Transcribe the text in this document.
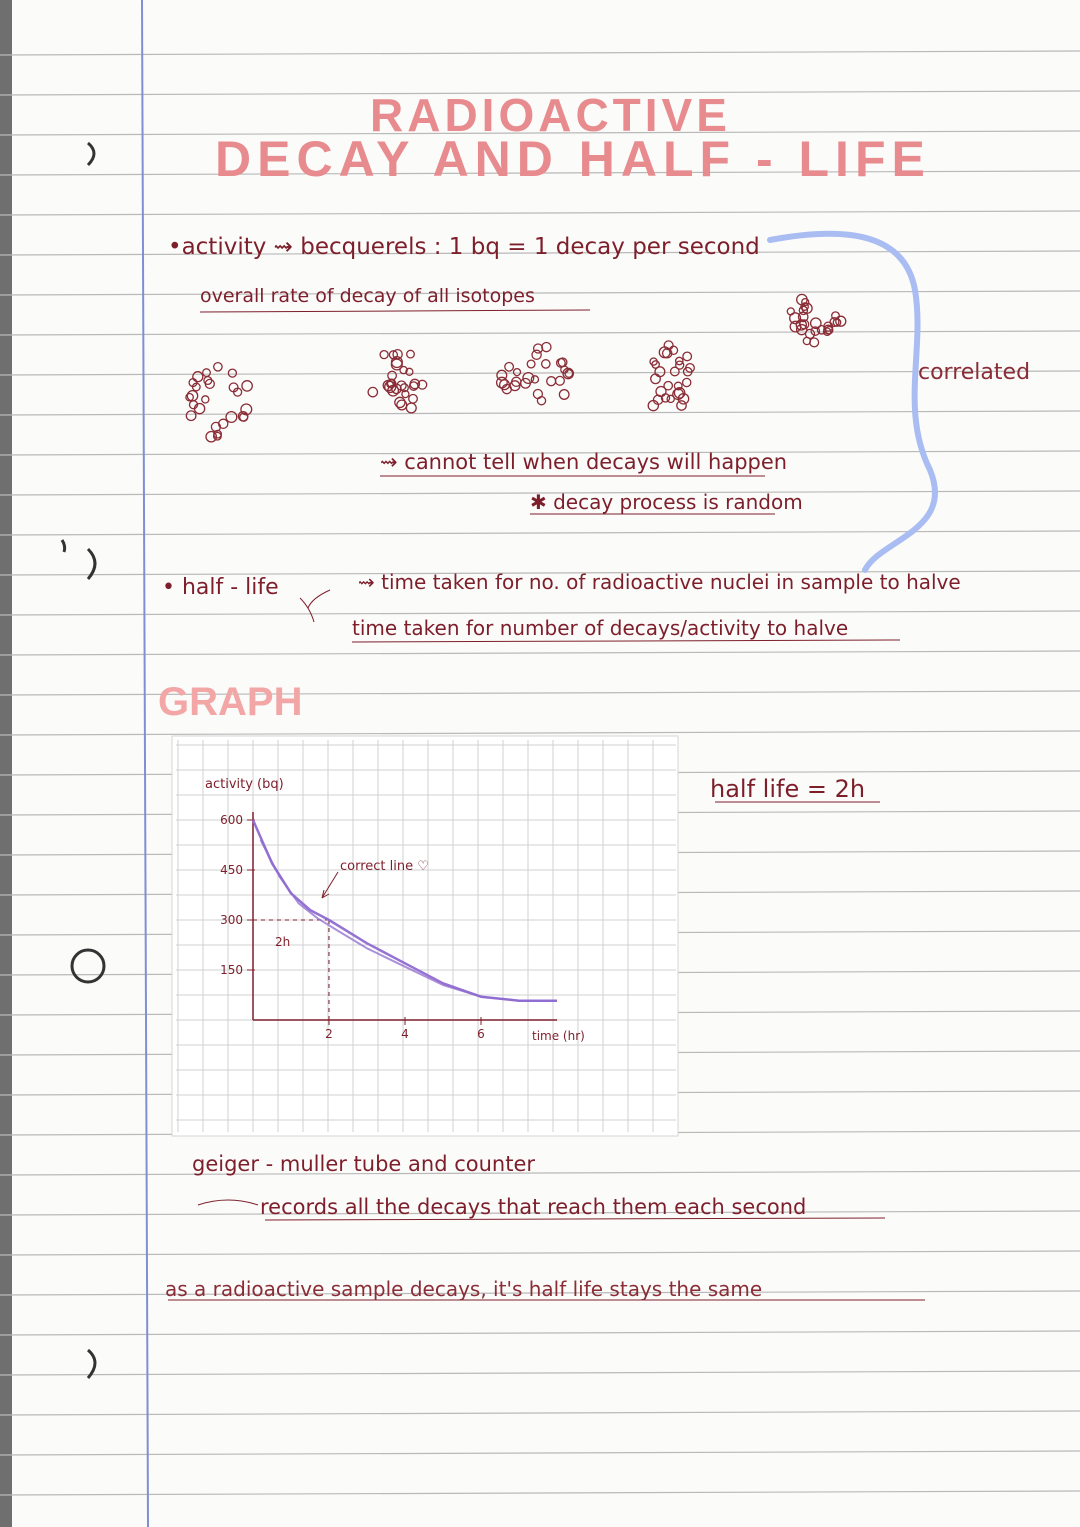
150
300
450
600
2	4	6
activity (bq)
time (hr)
2h
correct line ♡
RADIOACTIVE
DECAY AND HALF - LIFE
•activity ⇝ becquerels : 1 bq = 1 decay per second
overall rate of decay of all isotopes
correlated
⇝ cannot tell when decays will happen
✱ decay process is random
• half - life	⇝ time taken for no. of radioactive nuclei in sample to halve
time taken for number of decays/activity to halve
GRAPH
half life = 2h
geiger - muller tube and counter
records all the decays that reach them each second
as a radioactive sample decays, it's half life stays the same
